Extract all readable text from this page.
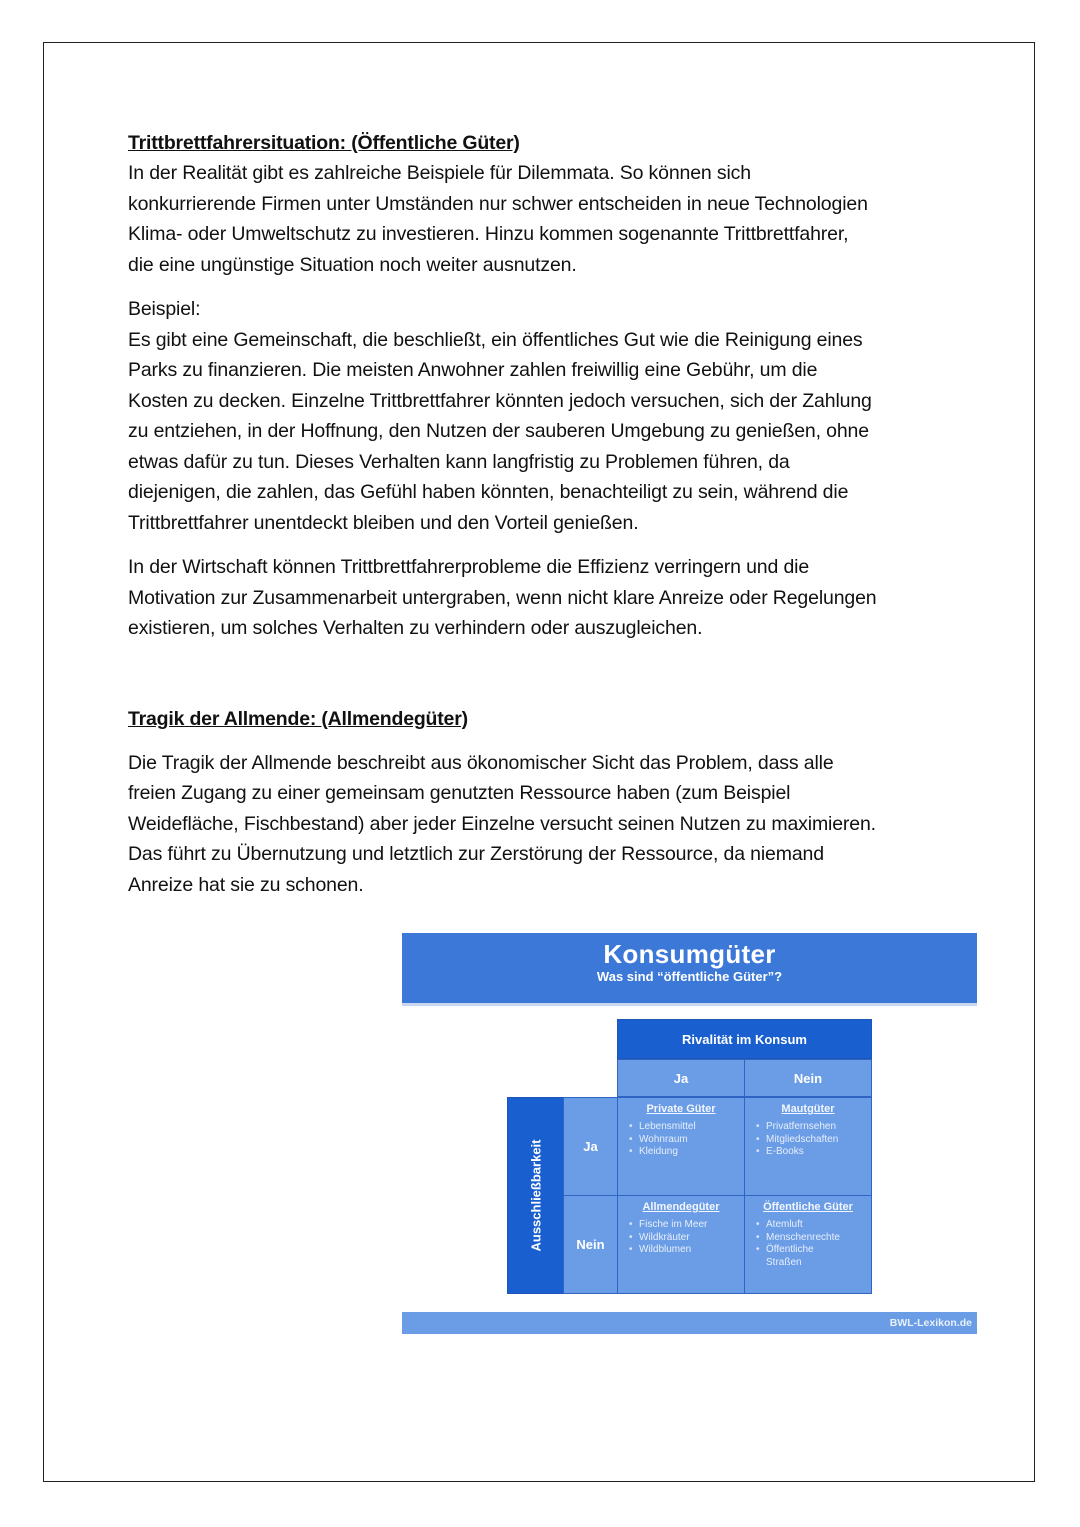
Trittbrettfahrersituation: (Öffentliche Güter)

In der Realität gibt es zahlreiche Beispiele für Dilemmata. So können sich

konkurrierende Firmen unter Umständen nur schwer entscheiden in neue Technologien

Klima- oder Umweltschutz zu investieren. Hinzu kommen sogenannte Trittbrettfahrer,

die eine ungünstige Situation noch weiter ausnutzen.

Beispiel:

Es gibt eine Gemeinschaft, die beschließt, ein öffentliches Gut wie die Reinigung eines

Parks zu finanzieren. Die meisten Anwohner zahlen freiwillig eine Gebühr, um die

Kosten zu decken. Einzelne Trittbrettfahrer könnten jedoch versuchen, sich der Zahlung

zu entziehen, in der Hoffnung, den Nutzen der sauberen Umgebung zu genießen, ohne

etwas dafür zu tun. Dieses Verhalten kann langfristig zu Problemen führen, da

diejenigen, die zahlen, das Gefühl haben könnten, benachteiligt zu sein, während die

Trittbrettfahrer unentdeckt bleiben und den Vorteil genießen.

In der Wirtschaft können Trittbrettfahrerprobleme die Effizienz verringern und die

Motivation zur Zusammenarbeit untergraben, wenn nicht klare Anreize oder Regelungen

existieren, um solches Verhalten zu verhindern oder auszugleichen.

Tragik der Allmende: (Allmendegüter)

Die Tragik der Allmende beschreibt aus ökonomischer Sicht das Problem, dass alle

freien Zugang zu einer gemeinsam genutzten Ressource haben (zum Beispiel

Weidefläche, Fischbestand) aber jeder Einzelne versucht seinen Nutzen zu maximieren.

Das führt zu Übernutzung und letztlich zur Zerstörung der Ressource, da niemand

Anreize hat sie zu schonen.

Konsumgüter
Was sind “öffentliche Güter”?
Rivalität im Konsum
Ja	Nein
Ausschließbarkeit	Ja
Nein
Private Güter
• Lebensmittel
• Wohnraum
• Kleidung
Mautgüter
• Privatfernsehen
• Mitgliedschaften
• E-Books
Allmendegüter
• Fische im Meer
• Wildkräuter
• Wildblumen
Öffentliche Güter
• Atemluft
• Menschenrechte
• Öffentliche Straßen
BWL-Lexikon.de
